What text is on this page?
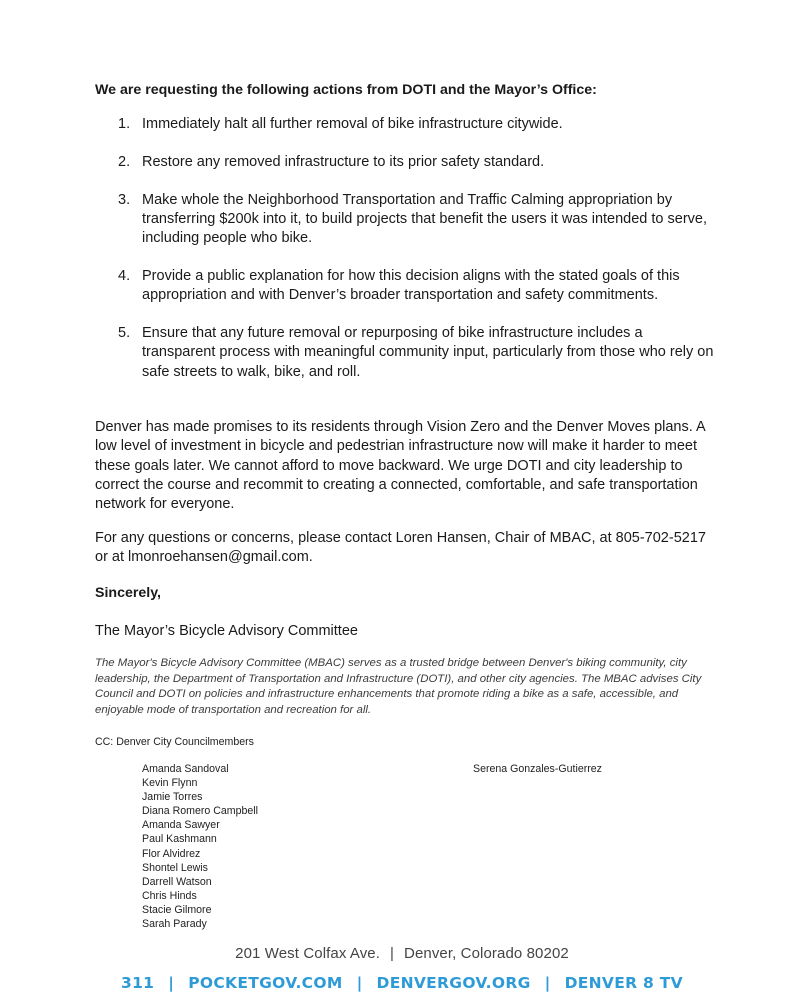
We are requesting the following actions from DOTI and the Mayor’s Office:

1. Immediately halt all further removal of bike infrastructure citywide.
2. Restore any removed infrastructure to its prior safety standard.
3. Make whole the Neighborhood Transportation and Traffic Calming appropriation by transferring $200k into it, to build projects that benefit the users it was intended to serve, including people who bike.
4. Provide a public explanation for how this decision aligns with the stated goals of this appropriation and with Denver’s broader transportation and safety commitments.
5. Ensure that any future removal or repurposing of bike infrastructure includes a transparent process with meaningful community input, particularly from those who rely on safe streets to walk, bike, and roll.

Denver has made promises to its residents through Vision Zero and the Denver Moves plans. A low level of investment in bicycle and pedestrian infrastructure now will make it harder to meet these goals later. We cannot afford to move backward. We urge DOTI and city leadership to correct the course and recommit to creating a connected, comfortable, and safe transportation network for everyone.

For any questions or concerns, please contact Loren Hansen, Chair of MBAC, at 805-702-5217 or at lmonroehansen@gmail.com.

Sincerely,

The Mayor’s Bicycle Advisory Committee

The Mayor's Bicycle Advisory Committee (MBAC) serves as a trusted bridge between Denver's biking community, city leadership, the Department of Transportation and Infrastructure (DOTI), and other city agencies. The MBAC advises City Council and DOTI on policies and infrastructure enhancements that promote riding a bike as a safe, accessible, and enjoyable mode of transportation and recreation for all.

CC: Denver City Councilmembers

Amanda Sandoval
Kevin Flynn
Jamie Torres
Diana Romero Campbell
Amanda Sawyer
Paul Kashmann
Flor Alvidrez
Shontel Lewis
Darrell Watson
Chris Hinds
Stacie Gilmore
Sarah Parady
Serena Gonzales-Gutierrez
201 West Colfax Ave. | Denver, Colorado 80202
311 | POCKETGOV.COM | DENVERGOV.ORG | DENVER 8 TV
